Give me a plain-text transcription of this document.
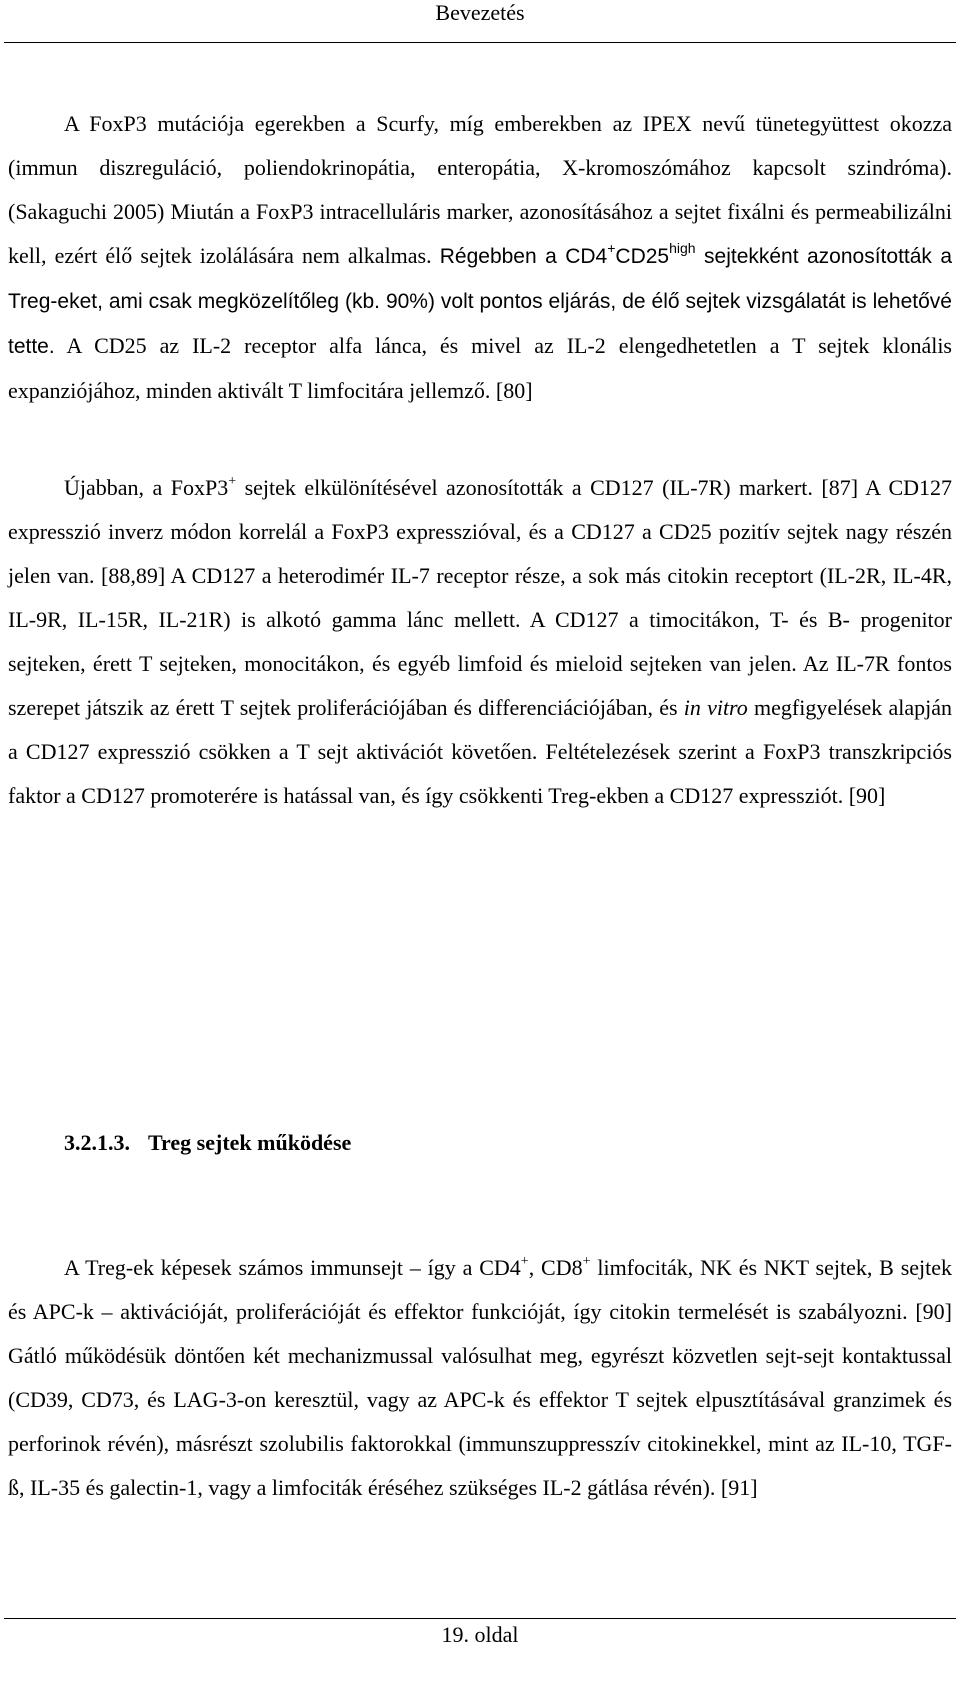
Bevezetés
A FoxP3 mutációja egerekben a Scurfy, míg emberekben az IPEX nevű tünetegyüttest okozza (immun diszreguláció, poliendokrinopátia, enteropátia, X-kromoszómához kapcsolt szindróma). (Sakaguchi 2005) Miután a FoxP3 intracelluláris marker, azonosításához a sejtet fixálni és permeabilizálni kell, ezért élő sejtek izolálására nem alkalmas. Régebben a $CD4^+CD25^{high}$ sejtekként azonosították a Treg-eket, ami csak megközelítőleg (kb. 90%) volt pontos eljárás, de élő sejtek vizsgálatát is lehetővé tette. A CD25 az IL-2 receptor alfa lánca, és mivel az IL-2 elengedhetetlen a T sejtek klonális expanziójához, minden aktivált T limfocitára jellemző. [80]
Újabban, a FoxP3+ sejtek elkülönítésével azonosították a CD127 (IL-7R) markert. [87] A CD127 expresszió inverz módon korrelál a FoxP3 expresszióval, és a CD127 a CD25 pozitív sejtek nagy részén jelen van. [88,89] A CD127 a heterodimér IL-7 receptor része, a sok más citokin receptort (IL-2R, IL-4R, IL-9R, IL-15R, IL-21R) is alkotó gamma lánc mellett. A CD127 a timocitákon, T- és B- progenitor sejteken, érett T sejteken, monocitákon, és egyéb limfoid és mieloid sejteken van jelen. Az IL-7R fontos szerepet játszik az érett T sejtek proliferációjában és differenciációjában, és in vitro megfigyelések alapján a CD127 expresszió csökken a T sejt aktivációt követően. Feltételezések szerint a FoxP3 transzkripciós faktor a CD127 promoterére is hatással van, és így csökkenti Treg-ekben a CD127 expressziót. [90]
3.2.1.3. Treg sejtek működése
A Treg-ek képesek számos immunsejt – így a CD4+, CD8+ limfociták, NK és NKT sejtek, B sejtek és APC-k – aktivációját, proliferációját és effektor funkcióját, így citokin termelését is szabályozni. [90] Gátló működésük döntően két mechanizmussal valósulhat meg, egyrészt közvetlen sejt-sejt kontaktussal (CD39, CD73, és LAG-3-on keresztül, vagy az APC-k és effektor T sejtek elpusztításával granzimek és perforinok révén), másrészt szolubilis faktorokkal (immunszuppresszív citokinekkel, mint az IL-10, TGF-ß, IL-35 és galectin-1, vagy a limfociták éréséhez szükséges IL-2 gátlása révén). [91]
19. oldal
